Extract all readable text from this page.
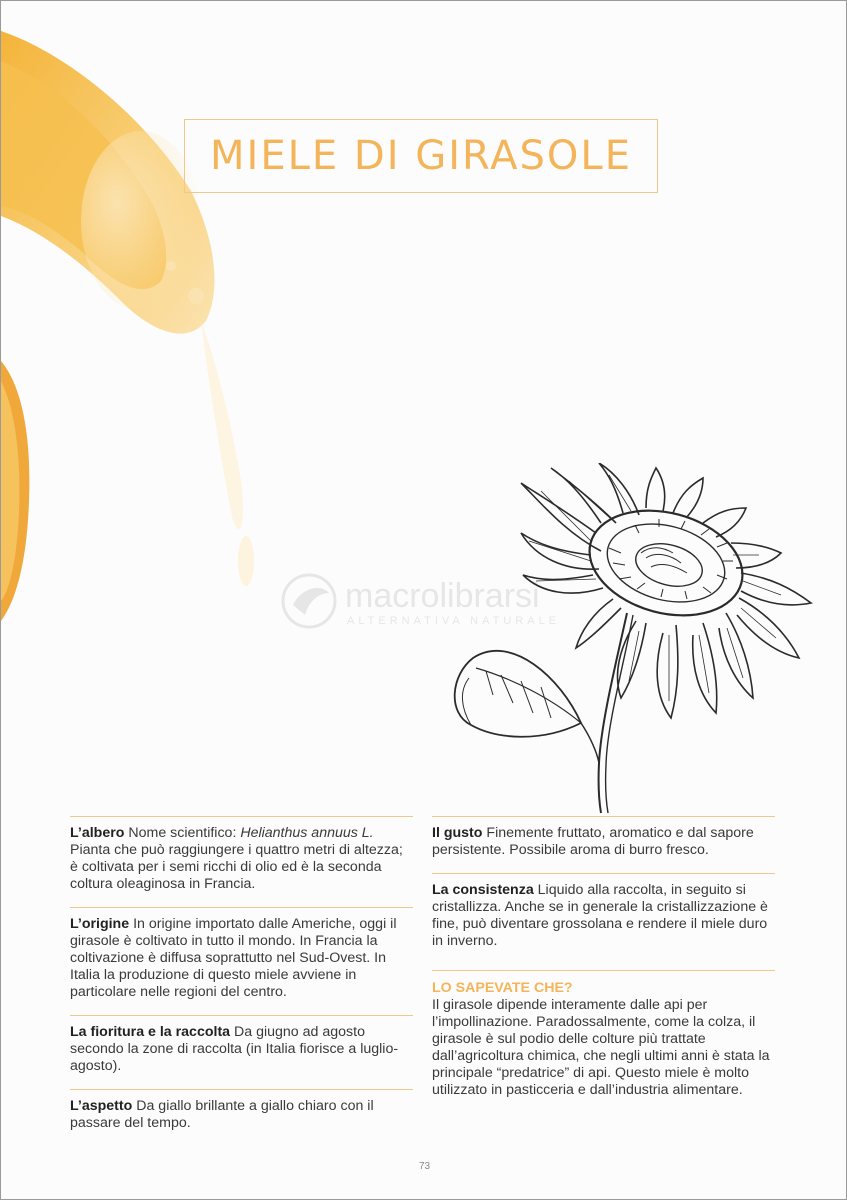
MIELE DI GIRASOLE
macrolibrarsi
ALTERNATIVA NATURALE
L’albero Nome scientifico: Helianthus annuus L. Pianta che può raggiungere i quattro metri di altezza; è coltivata per i semi ricchi di olio ed è la seconda coltura oleaginosa in Francia.
L’origine In origine importato dalle Americhe, oggi il girasole è coltivato in tutto il mondo. In Francia la coltivazione è diffusa soprattutto nel Sud-Ovest. In Italia la produzione di questo miele avviene in particolare nelle regioni del centro.
La fioritura e la raccolta Da giugno ad agosto secondo la zone di raccolta (in Italia fiorisce a luglio-agosto).
L’aspetto Da giallo brillante a giallo chiaro con il passare del tempo.
Il gusto Finemente fruttato, aromatico e dal sapore persistente. Possibile aroma di burro fresco.
La consistenza Liquido alla raccolta, in seguito si cristallizza. Anche se in generale la cristallizzazione è fine, può diventare grossolana e rendere il miele duro in inverno.
LO SAPEVATE CHE?
Il girasole dipende interamente dalle api per l’impollinazione. Paradossalmente, come la colza, il girasole è sul podio delle colture più trattate dall’agricoltura chimica, che negli ultimi anni è stata la principale “predatrice” di api. Questo miele è molto utilizzato in pasticceria e dall’industria alimentare.
73
